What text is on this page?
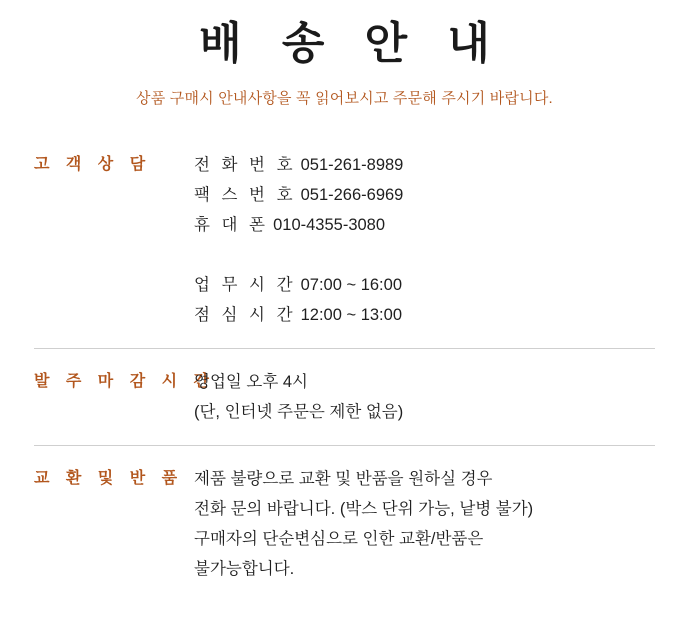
배 송 안 내
상품 구매시 안내사항을 꼭 읽어보시고 주문해 주시기 바랍니다.
고 객 상 담	전 화 번 호 051-261-8989
팩 스 번 호 051-266-6969
휴 대 폰 010-4355-3080
업 무 시 간 07:00 ~ 16:00
점 심 시 간 12:00 ~ 13:00
발 주 마 감 시 간
영업일 오후 4시
(단, 인터넷 주문은 제한 없음)
교 환 및 반 품 제품 불량으로 교환 및 반품을 원하실 경우
전화 문의 바랍니다. (박스 단위 가능, 낱병 불가)
구매자의 단순변심으로 인한 교환/반품은
불가능합니다.
